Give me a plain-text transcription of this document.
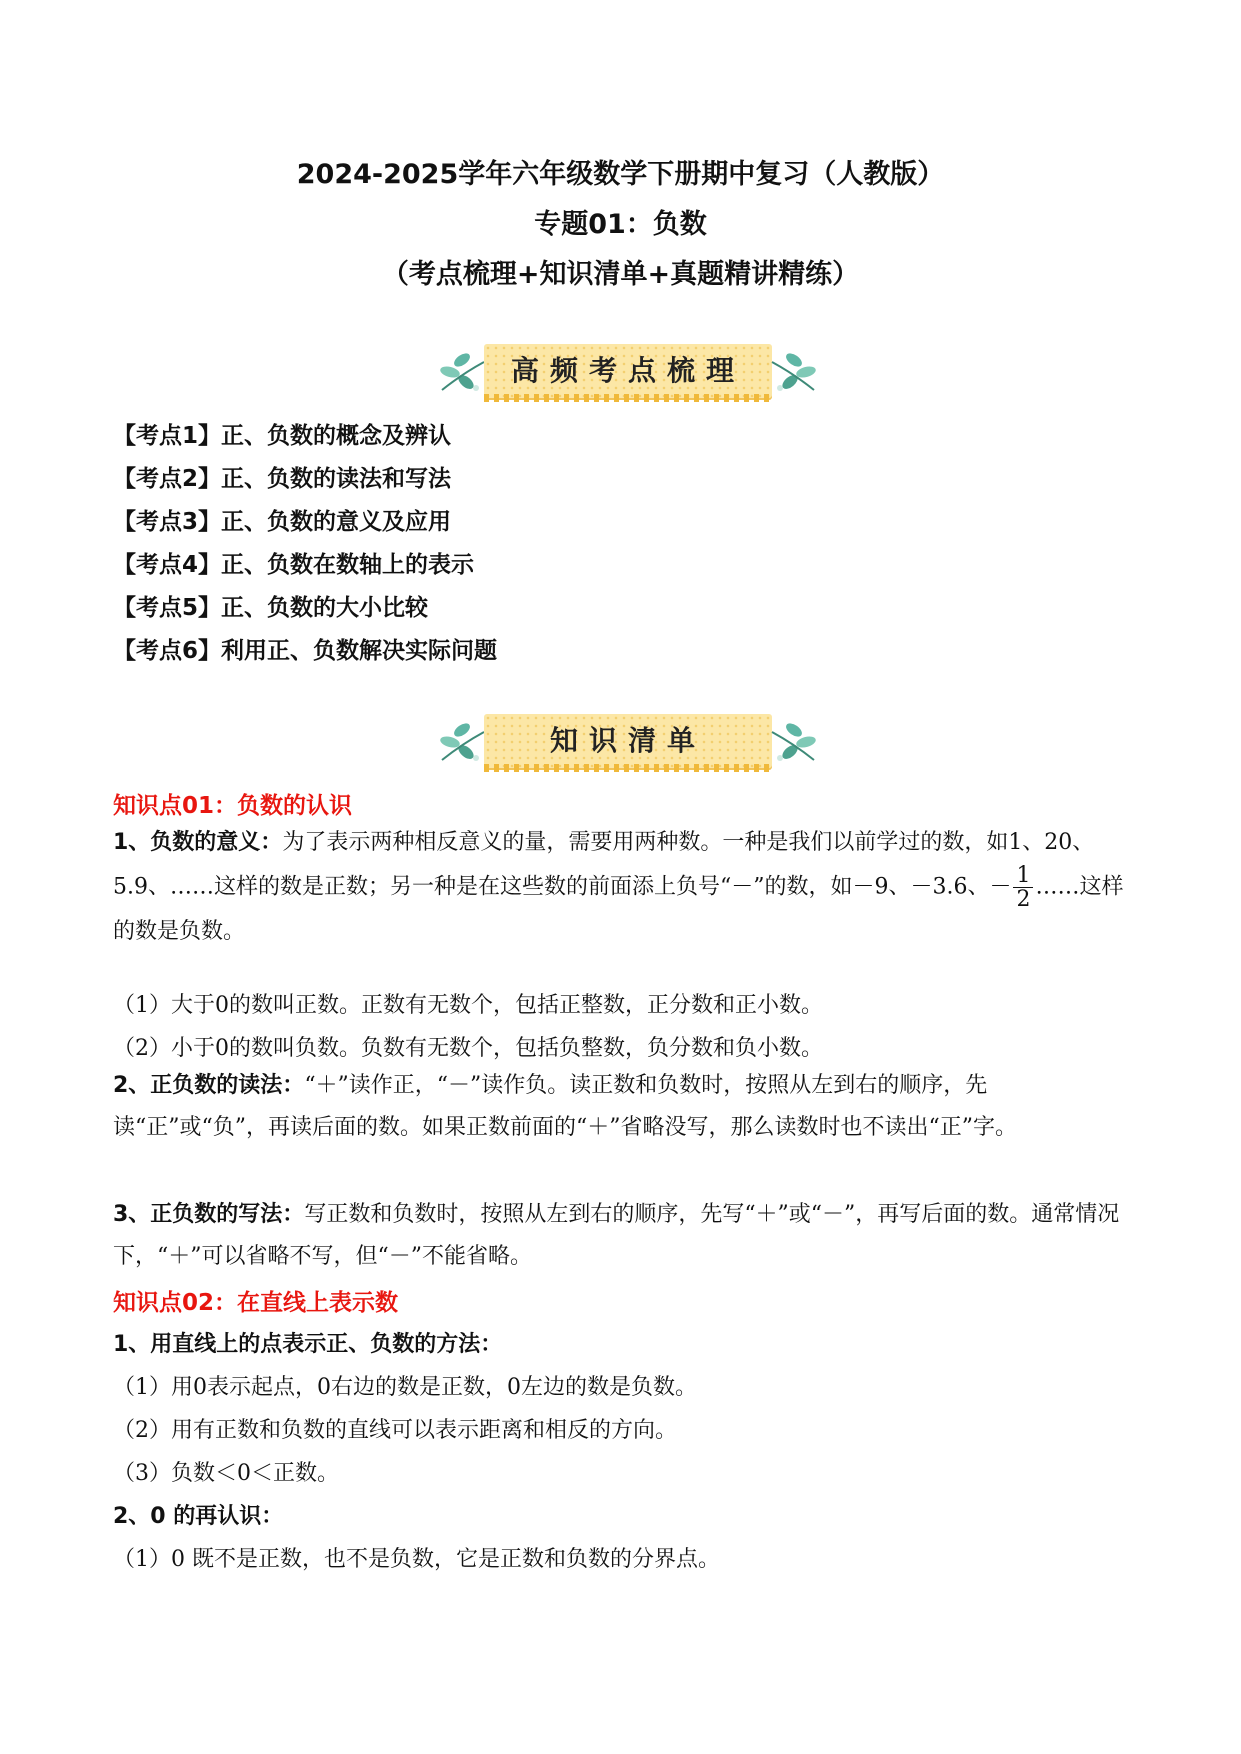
2024-2025学年六年级数学下册期中复习（人教版）
专题01：负数
（考点梳理+知识清单+真题精讲精练）
高频考点梳理
【考点1】正、负数的概念及辨认
【考点2】正、负数的读法和写法
【考点3】正、负数的意义及应用
【考点4】正、负数在数轴上的表示
【考点5】正、负数的大小比较
【考点6】利用正、负数解决实际问题
知识清单
知识点01：负数的认识
1、负数的意义：为了表示两种相反意义的量，需要用两种数。一种是我们以前学过的数，如1、20、5.9、……这样的数是正数；另一种是在这些数的前面添上负号“－”的数，如－9、－3.6、－ $\frac{1}{2}$ ……这样的数是负数。
（1）大于0的数叫正数。正数有无数个，包括正整数，正分数和正小数。
（2）小于0的数叫负数。负数有无数个，包括负整数，负分数和负小数。
2、正负数的读法：“＋”读作正，“－”读作负。读正数和负数时，按照从左到右的顺序，先读“正”或“负”，再读后面的数。如果正数前面的“＋”省略没写，那么读数时也不读出“正”字。
3、正负数的写法：写正数和负数时，按照从左到右的顺序，先写“＋”或“－”，再写后面的数。通常情况下，“＋”可以省略不写，但“－”不能省略。
知识点02：在直线上表示数
1、用直线上的点表示正、负数的方法：
（1）用0表示起点，0右边的数是正数，0左边的数是负数。
（2）用有正数和负数的直线可以表示距离和相反的方向。
（3）负数＜0＜正数。
2、0 的再认识：
（1）0 既不是正数，也不是负数，它是正数和负数的分界点。
